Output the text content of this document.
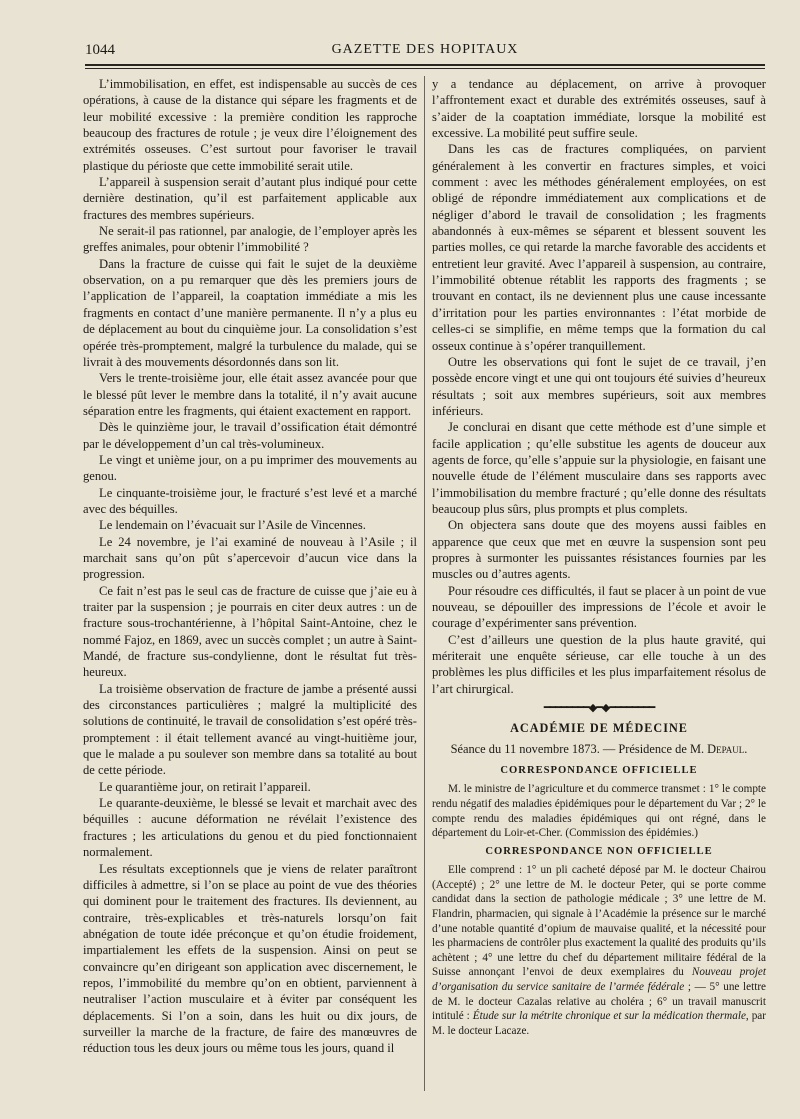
1044	GAZETTE DES HOPITAUX

L’immobilisation, en effet, est indispensable au succès de ces opérations, à cause de la distance qui sépare les fragments et de leur mobilité excessive : la première condition les rapproche beaucoup des fractures de rotule ; je veux dire l’éloignement des extrémités osseuses. C’est surtout pour favoriser le travail plastique du périoste que cette immobilité serait utile.

L’appareil à suspension serait d’autant plus indiqué pour cette dernière destination, qu’il est parfaitement applicable aux fractures des membres supérieurs.

Ne serait-il pas rationnel, par analogie, de l’employer après les greffes animales, pour obtenir l’immobilité ?

Dans la fracture de cuisse qui fait le sujet de la deuxième observation, on a pu remarquer que dès les premiers jours de l’application de l’appareil, la coaptation immédiate a mis les fragments en contact d’une manière permanente. Il n’y a plus eu de déplacement au bout du cinquième jour. La consolidation s’est opérée très-promptement, malgré la turbulence du malade, qui se livrait à des mouvements désordonnés dans son lit.

Vers le trente-troisième jour, elle était assez avancée pour que le blessé pût lever le membre dans la totalité, il n’y avait aucune séparation entre les fragments, qui étaient exactement en rapport.

Dès le quinzième jour, le travail d’ossification était démontré par le développement d’un cal très-volumineux.

Le vingt et unième jour, on a pu imprimer des mouvements au genou.

Le cinquante-troisième jour, le fracturé s’est levé et a marché avec des béquilles.

Le lendemain on l’évacuait sur l’Asile de Vincennes.

Le 24 novembre, je l’ai examiné de nouveau à l’Asile ; il marchait sans qu’on pût s’apercevoir d’aucun vice dans la progression.

Ce fait n’est pas le seul cas de fracture de cuisse que j’aie eu à traiter par la suspension ; je pourrais en citer deux autres : un de fracture sous-trochantérienne, à l’hôpital Saint-Antoine, chez le nommé Fajoz, en 1869, avec un succès complet ; un autre à Saint-Mandé, de fracture sus-condylienne, dont le résultat fut très-heureux.

La troisième observation de fracture de jambe a présenté aussi des circonstances particulières ; malgré la multiplicité des solutions de continuité, le travail de consolidation s’est opéré très-promptement : il était tellement avancé au vingt-huitième jour, que le malade a pu soulever son membre dans sa totalité au bout de cette période.

Le quarantième jour, on retirait l’appareil.

Le quarante-deuxième, le blessé se levait et marchait avec des béquilles : aucune déformation ne révélait l’existence des fractures ; les articulations du genou et du pied fonctionnaient normalement.

Les résultats exceptionnels que je viens de relater paraîtront difficiles à admettre, si l’on se place au point de vue des théories qui dominent pour le traitement des fractures. Ils deviennent, au contraire, très-explicables et très-naturels lorsqu’on fait abnégation de toute idée préconçue et qu’on étudie froidement, impartialement les effets de la suspension. Ainsi on peut se convaincre qu’en dirigeant son application avec discernement, le repos, l’immobilité du membre qu’on en obtient, parviennent à neutraliser l’action musculaire et à éviter par conséquent les déplacements. Si l’on a soin, dans les huit ou dix jours, de surveiller la marche de la fracture, de faire des manœuvres de réduction tous les deux jours ou même tous les jours, quand il

y a tendance au déplacement, on arrive à provoquer l’affrontement exact et durable des extrémités osseuses, sauf à s’aider de la coaptation immédiate, lorsque la mobilité est excessive. La mobilité peut suffire seule.

Dans les cas de fractures compliquées, on parvient généralement à les convertir en fractures simples, et voici comment : avec les méthodes généralement employées, on est obligé de répondre immédiatement aux complications et de négliger d’abord le travail de consolidation ; les fragments abandonnés à eux-mêmes se séparent et blessent souvent les parties molles, ce qui retarde la marche favorable des accidents et entretient leur gravité. Avec l’appareil à suspension, au contraire, l’immobilité obtenue rétablit les rapports des fragments ; se trouvant en contact, ils ne deviennent plus une cause incessante d’irritation pour les parties environnantes : l’état morbide de celles-ci se simplifie, en même temps que la formation du cal osseux continue à s’opérer tranquillement.

Outre les observations qui font le sujet de ce travail, j’en possède encore vingt et une qui ont toujours été suivies d’heureux résultats ; soit aux membres supérieurs, soit aux membres inférieurs.

Je conclurai en disant que cette méthode est d’une simple et facile application ; qu’elle substitue les agents de douceur aux agents de force, qu’elle s’appuie sur la physiologie, en faisant une nouvelle étude de l’élément musculaire dans ses rapports avec l’immobilisation du membre fracturé ; qu’elle donne des résultats beaucoup plus sûrs, plus prompts et plus complets.

On objectera sans doute que des moyens aussi faibles en apparence que ceux que met en œuvre la suspension sont peu propres à surmonter les puissantes résistances fournies par les muscles ou d’autres agents.

Pour résoudre ces difficultés, il faut se placer à un point de vue nouveau, se dépouiller des impressions de l’école et avoir le courage d’expérimenter sans prévention.

C’est d’ailleurs une question de la plus haute gravité, qui mériterait une enquête sérieuse, car elle touche à un des problèmes les plus difficiles et les plus imparfaitement résolus de l’art chirurgical.

━━━━━━━━◆━◆━━━━━━━━
ACADÉMIE DE MÉDECINE
Séance du 11 novembre 1873. — Présidence de M. Depaul.
CORRESPONDANCE OFFICIELLE

M. le ministre de l’agriculture et du commerce transmet : 1° le compte rendu négatif des maladies épidémiques pour le département du Var ; 2° le compte rendu des maladies épidémiques qui ont régné, dans le département du Loir-et-Cher. (Commission des épidémies.)

CORRESPONDANCE NON OFFICIELLE

Elle comprend : 1° un pli cacheté déposé par M. le docteur Chairou (Accepté) ; 2° une lettre de M. le docteur Peter, qui se porte comme candidat dans la section de pathologie médicale ; 3° une lettre de M. Flandrin, pharmacien, qui signale à l’Académie la présence sur le marché d’une notable quantité d’opium de mauvaise qualité, et la nécessité pour les pharmaciens de contrôler plus exactement la qualité des produits qu’ils achètent ; 4° une lettre du chef du département militaire fédéral de la Suisse annonçant l’envoi de deux exemplaires du Nouveau projet d’organisation du service sanitaire de l’armée fédérale ; — 5° une lettre de M. le docteur Cazalas relative au choléra ; 6° un travail manuscrit intitulé : Étude sur la métrite chronique et sur la médication thermale, par M. le docteur Lacaze.
